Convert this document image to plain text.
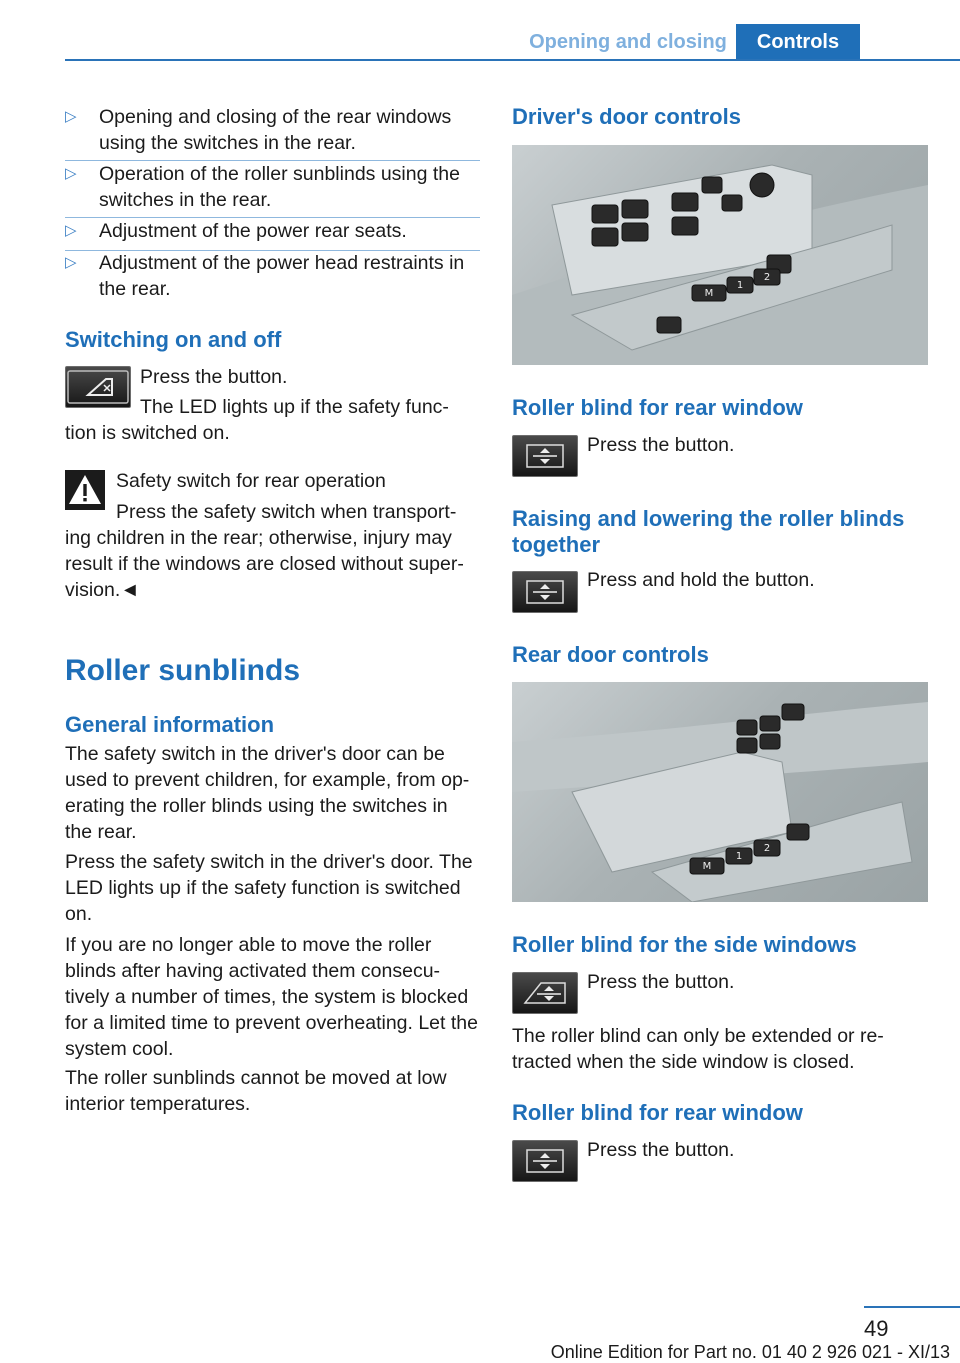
Opening and closing	Controls
▷	Opening and closing of the rear windows using the switches in the rear.
▷	Operation of the roller sunblinds using the switches in the rear.
▷	Adjustment of the power rear seats.
▷	Adjustment of the power head restraints in the rear.
Switching on and off
Press the button.
The LED lights up if the safety func-
tion is switched on.
Safety switch for rear operation
Press the safety switch when transport-
ing children in the rear; otherwise, injury may result if the windows are closed without super-vision.◄
Roller sunblinds
General information
The safety switch in the driver's door can be used to prevent children, for example, from op-erating the roller blinds using the switches in the rear.
Press the safety switch in the driver's door. The LED lights up if the safety function is switched on.
If you are no longer able to move the roller blinds after having activated them consecu-tively a number of times, the system is blocked for a limited time to prevent overheating. Let the system cool.
The roller sunblinds cannot be moved at low interior temperatures.
Driver's door controls
M
1
2
Roller blind for rear window
Press the button.
Raising and lowering the roller blinds together
Press and hold the button.
Rear door controls
M
1
2
Roller blind for the side windows
Press the button.
The roller blind can only be extended or re-tracted when the side window is closed.
Roller blind for rear window
Press the button.
49
Online Edition for Part no. 01 40 2 926 021 - XI/13
